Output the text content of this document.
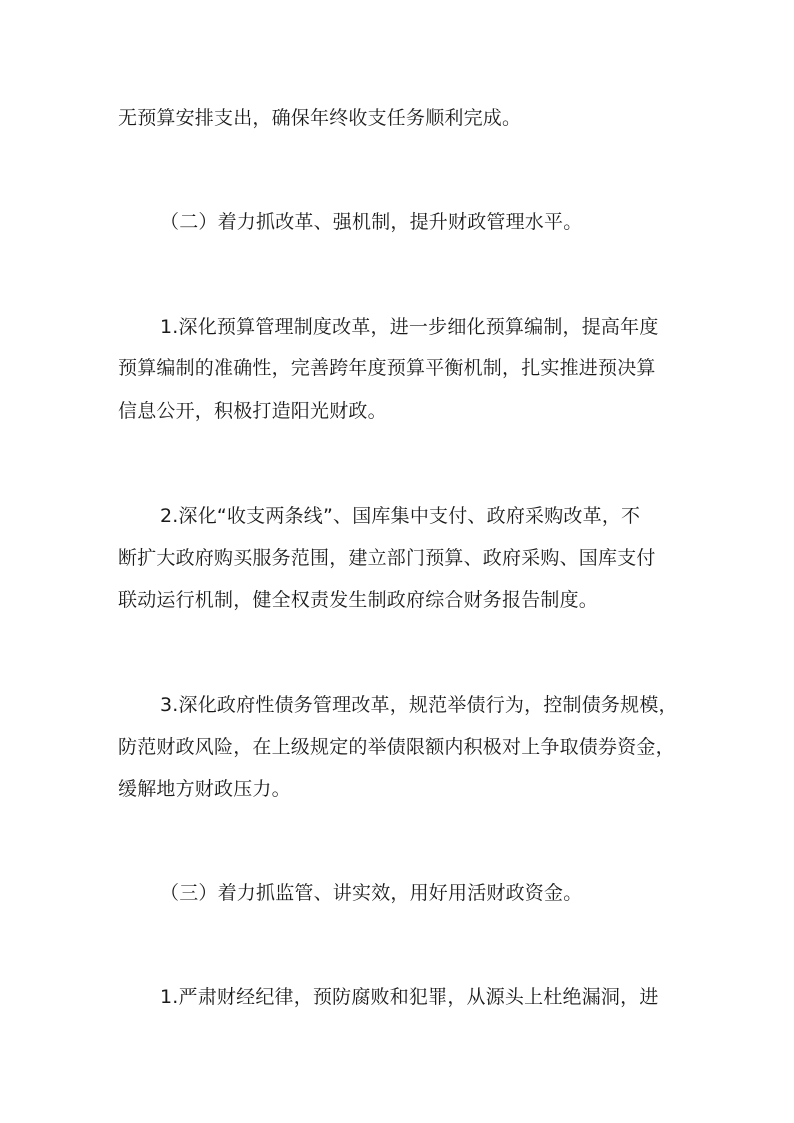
无预算安排支出，确保年终收支任务顺利完成。
（二）着力抓改革、强机制，提升财政管理水平。
1.深化预算管理制度改革，进一步细化预算编制，提高年度
预算编制的准确性，完善跨年度预算平衡机制，扎实推进预决算
信息公开，积极打造阳光财政。
2.深化“收支两条线”、国库集中支付、政府采购改革，不
断扩大政府购买服务范围，建立部门预算、政府采购、国库支付
联动运行机制，健全权责发生制政府综合财务报告制度。
3.深化政府性债务管理改革，规范举债行为，控制债务规模，
防范财政风险，在上级规定的举债限额内积极对上争取债券资金，
缓解地方财政压力。
（三）着力抓监管、讲实效，用好用活财政资金。
1.严肃财经纪律，预防腐败和犯罪，从源头上杜绝漏洞，进
